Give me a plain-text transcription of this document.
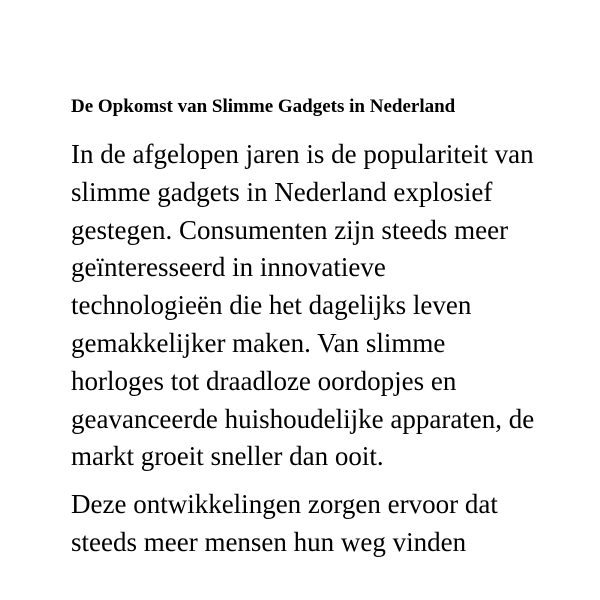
De Opkomst van Slimme Gadgets in Nederland

In de afgelopen jaren is de populariteit van slimme gadgets in Nederland explosief gestegen. Consumenten zijn steeds meer geïnteresseerd in innovatieve technologieën die het dagelijks leven gemakkelijker maken. Van slimme horloges tot draadloze oordopjes en geavanceerde huishoudelijke apparaten, de markt groeit sneller dan ooit.

Deze ontwikkelingen zorgen ervoor dat steeds meer mensen hun weg vinden
